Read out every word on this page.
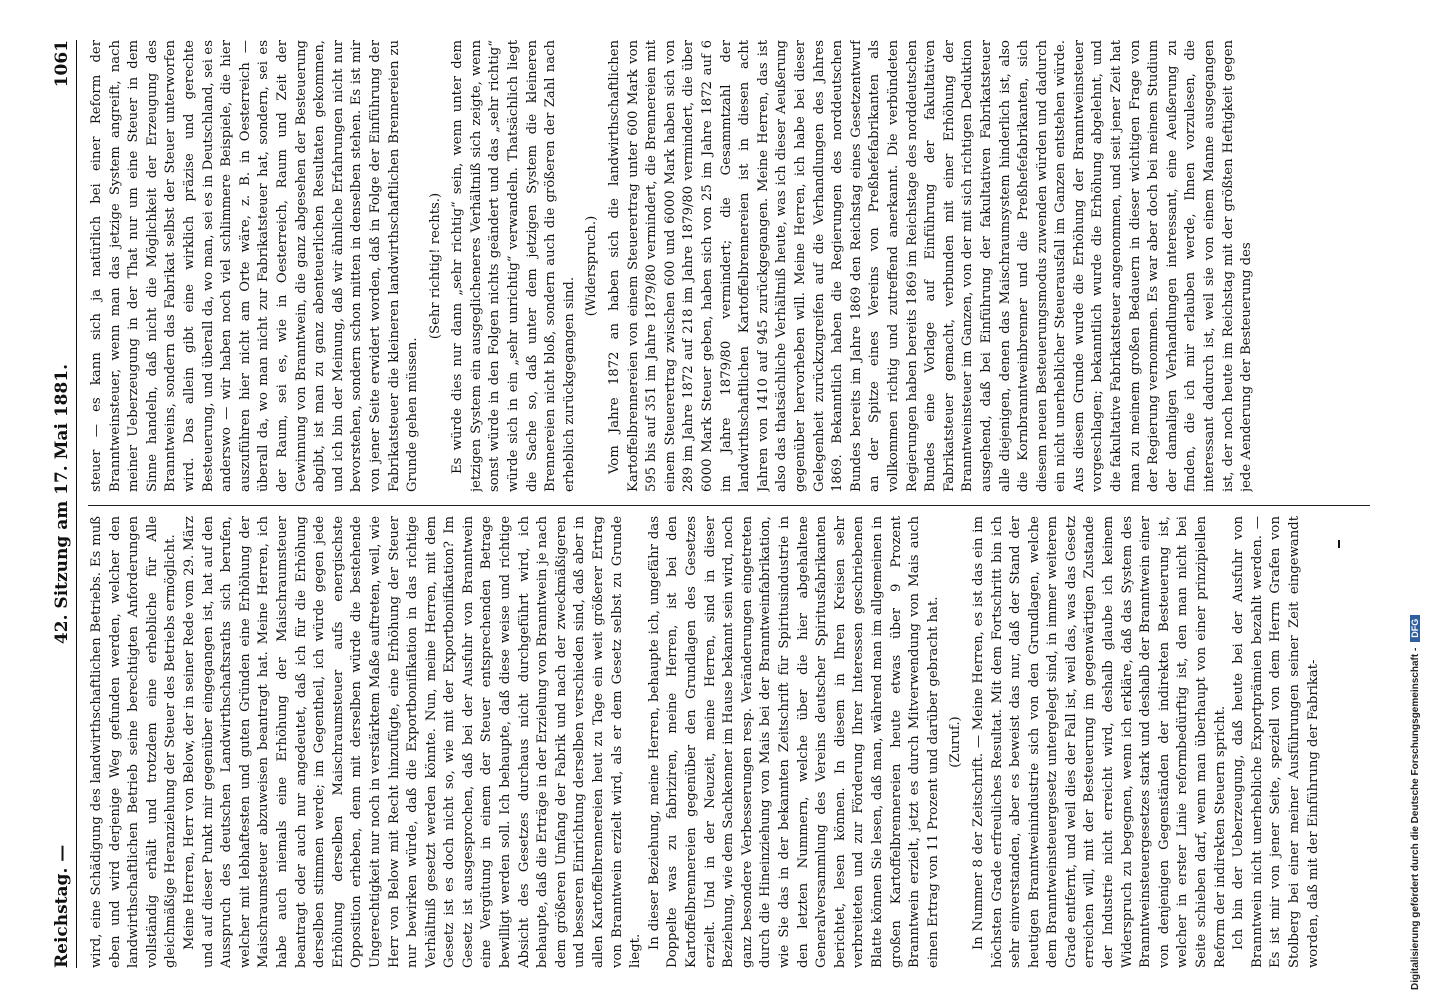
Reichstag. —
42. Sitzung am 17. Mai 1881.
1061

wird, eine Schädigung des landwirthschaftlichen Betriebs. Es muß eben und wird derjenige Weg gefunden werden, welcher den landwirthschaftlichen Betrieb seine berechtigten Anforderungen vollständig erhält und trotzdem eine erhebliche für Alle gleichmäßige Heranziehung der Steuer des Betriebs ermöglicht. Meine Herren, Herr von Below, der in seiner Rede vom 29. März und auf dieser Punkt mir gegenüber eingegangen ist, hat auf den Ausspruch des deutschen Landwirthschaftsraths sich berufen, welcher mit lebhaftesten und guten Gründen eine Erhöhung der Maischraumsteuer abzuweisen beantragt hat. Meine Herren, ich habe auch niemals eine Erhöhung der Maischraumsteuer beantragt oder auch nur angedeutet, daß ich für die Erhöhung derselben stimmen werde; im Gegentheil, ich würde gegen jede Erhöhung derselben Maischraumsteuer aufs energischste Opposition erheben, denn mit derselben würde die bestehende Ungerechtigkeit nur noch in verstärktem Maße auftreten, weil, wie Herr von Below mit Recht hinzufügte, eine Erhöhung der Steuer nur bewirken würde, daß die Exportbonifikation in das richtige Verhältniß gesetzt werden könnte. Nun, meine Herren, mit dem Gesetz ist es doch nicht so, wie mit der Exportbonifikation? Im Gesetz ist ausgesprochen, daß bei der Ausfuhr von Branntwein eine Vergütung in einem der Steuer entsprechenden Betrage bewilligt werden soll. Ich behaupte, daß diese weise und richtige Absicht des Gesetzes durchaus nicht durchgeführt wird, ich behaupte, daß die Erträge in der Erzielung von Branntwein je nach dem größeren Umfang der Fabrik und nach der zweckmäßigeren und besseren Einrichtung derselben verschieden sind, daß aber in allen Kartoffelbrennereien heut zu Tage ein weit größerer Ertrag von Branntwein erzielt wird, als er dem Gesetz selbst zu Grunde liegt.

In dieser Beziehung, meine Herren, behaupte ich, ungefähr das Doppelte was zu fabriziren, meine Herren, ist bei den Kartoffelbrennereien gegenüber den Grundlagen des Gesetzes erzielt. Und in der Neuzeit, meine Herren, sind in dieser Beziehung, wie dem Sachkenner im Hause bekannt sein wird, noch ganz besondere Verbesserungen resp. Veränderungen eingetreten durch die Hineinziehung von Mais bei der Branntweinfabrikation, wie Sie das in der bekannten Zeitschrift für Spiritusindustrie in den letzten Nummern, welche über die hier abgehaltene Generalversammlung des Vereins deutscher Spiritusfabrikanten berichtet, lesen können. In diesem in Ihren Kreisen sehr verbreiteten und zur Förderung Ihrer Interessen geschriebenen Blatte können Sie lesen, daß man, während man im allgemeinen in großen Kartoffelbrennereien heute etwas über 9 Prozent Branntwein erzielt, jetzt es durch Mitverwendung von Mais auch einen Ertrag von 11 Prozent und darüber gebracht hat. (Zuruf.) In Nummer 8 der Zeitschrift. — Meine Herren, es ist das ein im höchsten Grade erfreuliches Resultat. Mit dem Fortschritt bin ich sehr einverstanden, aber es beweist das nur, daß der Stand der heutigen Branntweinindustrie sich von den Grundlagen, welche dem Branntweinsteuergesetz untergelegt sind, in immer weiterem Grade entfernt, und weil dies der Fall ist, weil das, was das Gesetz erreichen will, mit der Besteuerung im gegenwärtigen Zustande der Industrie nicht erreicht wird, deshalb glaube ich keinem Widerspruch zu begegnen, wenn ich erkläre, daß das System des Branntweinsteuergesetzes stark und deshalb der Branntwein einer von denjenigen Gegenständen der indirekten Besteuerung ist, welcher in erster Linie reformbedürftig ist, den man nicht bei Seite schieben darf, wenn man überhaupt von einer prinzipiellen Reform der indirekten Steuern spricht. Ich bin der Ueberzeugung, daß heute bei der Ausfuhr von Branntwein nicht unerhebliche Exportprämien bezahlt werden. — Es ist mir von jener Seite, speziell von dem Herrn Grafen von Stolberg bei einer meiner Ausführungen seiner Zeit eingewandt worden, daß mit der Einführung der Fabrikat-

steuer — es kann sich ja natürlich bei einer Reform der Branntweinsteuer, wenn man das jetzige System angreift, nach meiner Ueberzeugung in der That nur um eine Steuer in dem Sinne handeln, daß nicht die Möglichkeit der Erzeugung des Branntweins, sondern das Fabrikat selbst der Steuer unterworfen wird. Das allein gibt eine wirklich präzise und gerechte Besteuerung, und überall da, wo man, sei es in Deutschland, sei es anderswo — wir haben noch viel schlimmere Beispiele, die hier auszuführen hier nicht am Orte wäre, z. B. in Oesterreich — überall da, wo man nicht zur Fabrikatsteuer hat, sondern, sei es der Raum, sei es, wie in Oesterreich, Raum und Zeit der Gewinnung von Branntwein, die ganz abgesehen der Besteuerung abgibt, ist man zu ganz abenteuerlichen Resultaten gekommen, und ich bin der Meinung, daß wir ähnliche Erfahrungen nicht nur bevorstehen, sondern schon mitten in denselben stehen. Es ist mir von jener Seite erwidert worden, daß in Folge der Einführung der Fabrikatsteuer die kleineren landwirthschaftlichen Brennereien zu Grunde gehen müssen.

(Sehr richtig! rechts.) Es würde dies nur dann „sehr richtig“ sein, wenn unter dem jetzigen System ein ausgeglicheneres Verhältniß sich zeigte, wenn sonst würde in den Folgen nichts geändert und das „sehr richtig“ würde sich in ein „sehr unrichtig“ verwandeln. Thatsächlich liegt die Sache so, daß unter dem jetzigen System die kleineren Brennereien nicht bloß, sondern auch die größeren der Zahl nach erheblich zurückgegangen sind.

(Widerspruch.) Vom Jahre 1872 an haben sich die landwirthschaftlichen Kartoffelbrennereien von einem Steuerertrag unter 600 Mark von 595 bis auf 351 im Jahre 1879/80 vermindert, die Brennereien mit einem Steuerertrag zwischen 600 und 6000 Mark haben sich von 289 im Jahre 1872 auf 218 im Jahre 1879/80 vermindert, die über 6000 Mark Steuer geben, haben sich von 25 im Jahre 1872 auf 6 im Jahre 1879/80 vermindert; die Gesammtzahl der landwirthschaftlichen Kartoffelbrennereien ist in diesen acht Jahren von 1410 auf 945 zurückgegangen. Meine Herren, das ist also das thatsächliche Verhältniß heute, was ich dieser Aeußerung gegenüber hervorheben will. Meine Herren, ich habe bei dieser Gelegenheit zurückzugreifen auf die Verhandlungen des Jahres 1869. Bekanntlich haben die Regierungen des norddeutschen Bundes bereits im Jahre 1869 den Reichstag eines Gesetzentwurf an der Spitze eines Vereins von Preßhefefabrikanten als vollkommen richtig und zutreffend anerkannt. Die verbündeten Regierungen haben bereits 1869 im Reichstage des norddeutschen Bundes eine Vorlage auf Einführung der fakultativen Fabrikatsteuer gemacht, verbunden mit einer Erhöhung der Branntweinsteuer im Ganzen, von der mit sich richtigen Deduktion ausgehend, daß bei Einführung der fakultativen Fabrikatsteuer alle diejenigen, denen das Maischraumsystem hinderlich ist, also die Kornbranntweinbrenner und die Preßhefefabrikanten, sich diesem neuen Besteuerungsmodus zuwenden würden und dadurch ein nicht unerheblicher Steuerausfall im Ganzen entstehen würde. Aus diesem Grunde wurde die Erhöhung der Branntweinsteuer vorgeschlagen; bekanntlich wurde die Erhöhung abgelehnt, und die fakultative Fabrikatsteuer angenommen, und seit jener Zeit hat man zu meinem großen Bedauern in dieser wichtigen Frage von der Regierung vernommen. Es war aber doch bei meinem Studium der damaligen Verhandlungen interessant, eine Aeußerung zu finden, die ich mir erlauben werde, Ihnen vorzulesen, die interessant dadurch ist, weil sie von einem Manne ausgegangen ist, der noch heute im Reichstag mit der größten Heftigkeit gegen jede Aenderung der Besteuerung des

Digitalisierung gefördert durch die Deutsche Forschungsgemeinschaft -DFG
